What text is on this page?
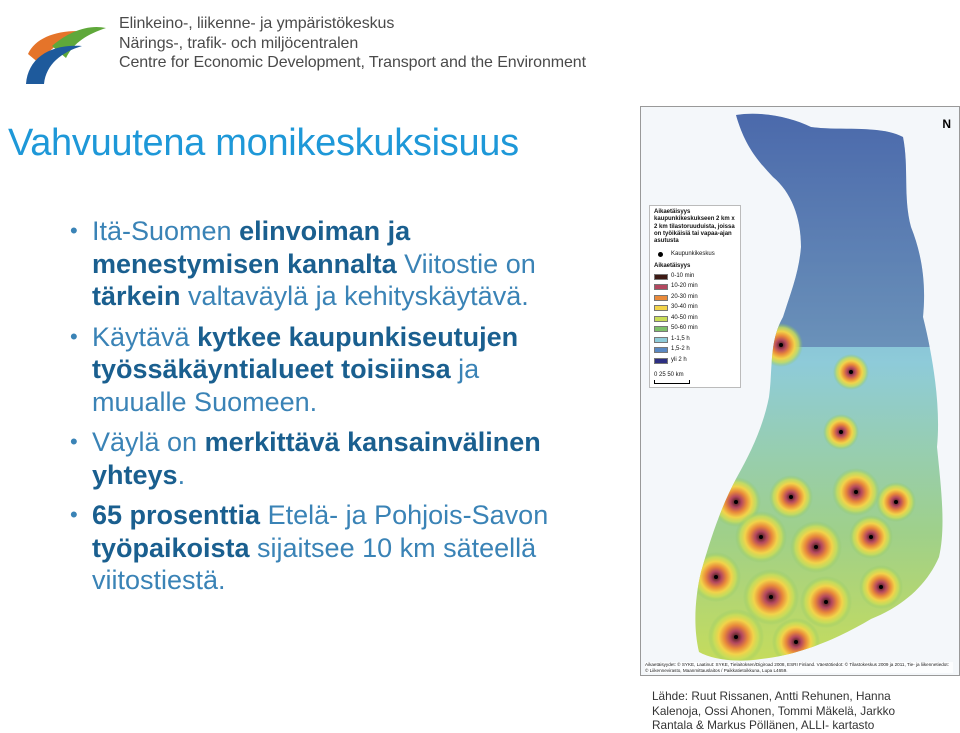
Elinkeino-, liikenne- ja ympäristökeskus
Närings-, trafik- och miljöcentralen
Centre for Economic Development, Transport and the Environment
Vahvuutena monikeskuksisuus
• Itä-Suomen elinvoiman ja menestymisen kannalta Viitostie on tärkein valtaväylä ja kehityskäytävä.
• Käytävä kytkee kaupunkiseutujen työssäkäyntialueet toisiinsa ja muualle Suomeen.
• Väylä on merkittävä kansainvälinen yhteys.
• 65 prosenttia Etelä- ja Pohjois-Savon työpaikoista sijaitsee 10 km säteellä viitostiestä.
N
Aikaetäisyys kaupunkikeskukseen 2 km x 2 km tilastoruuduista, joissa on työikäisiä tai vapaa-ajan asutusta
Kaupunkikeskus
Aikaetäisyys
0-10 min
10-20 min
20-30 min
30-40 min
40-50 min
50-60 min
1-1,5 h
1,5-2 h
yli 2 h
0 25 50 km
Aikaetäisyydet: © SYKE, Laatinut: SYKE, Tielaitoksen/Digiroad 2008, ESRI Finland. Väestötiedot: © Tilastokeskus 2009 ja 2011, Tie- ja liikennetiedot: © Liikennevirasto, Maanmittauslaitos / Paikkatietoikkuna, Lupa L4659.
Lähde: Ruut Rissanen, Antti Rehunen, Hanna
Kalenoja, Ossi Ahonen, Tommi Mäkelä, Jarkko
Rantala & Markus Pöllänen, ALLI- kartasto
